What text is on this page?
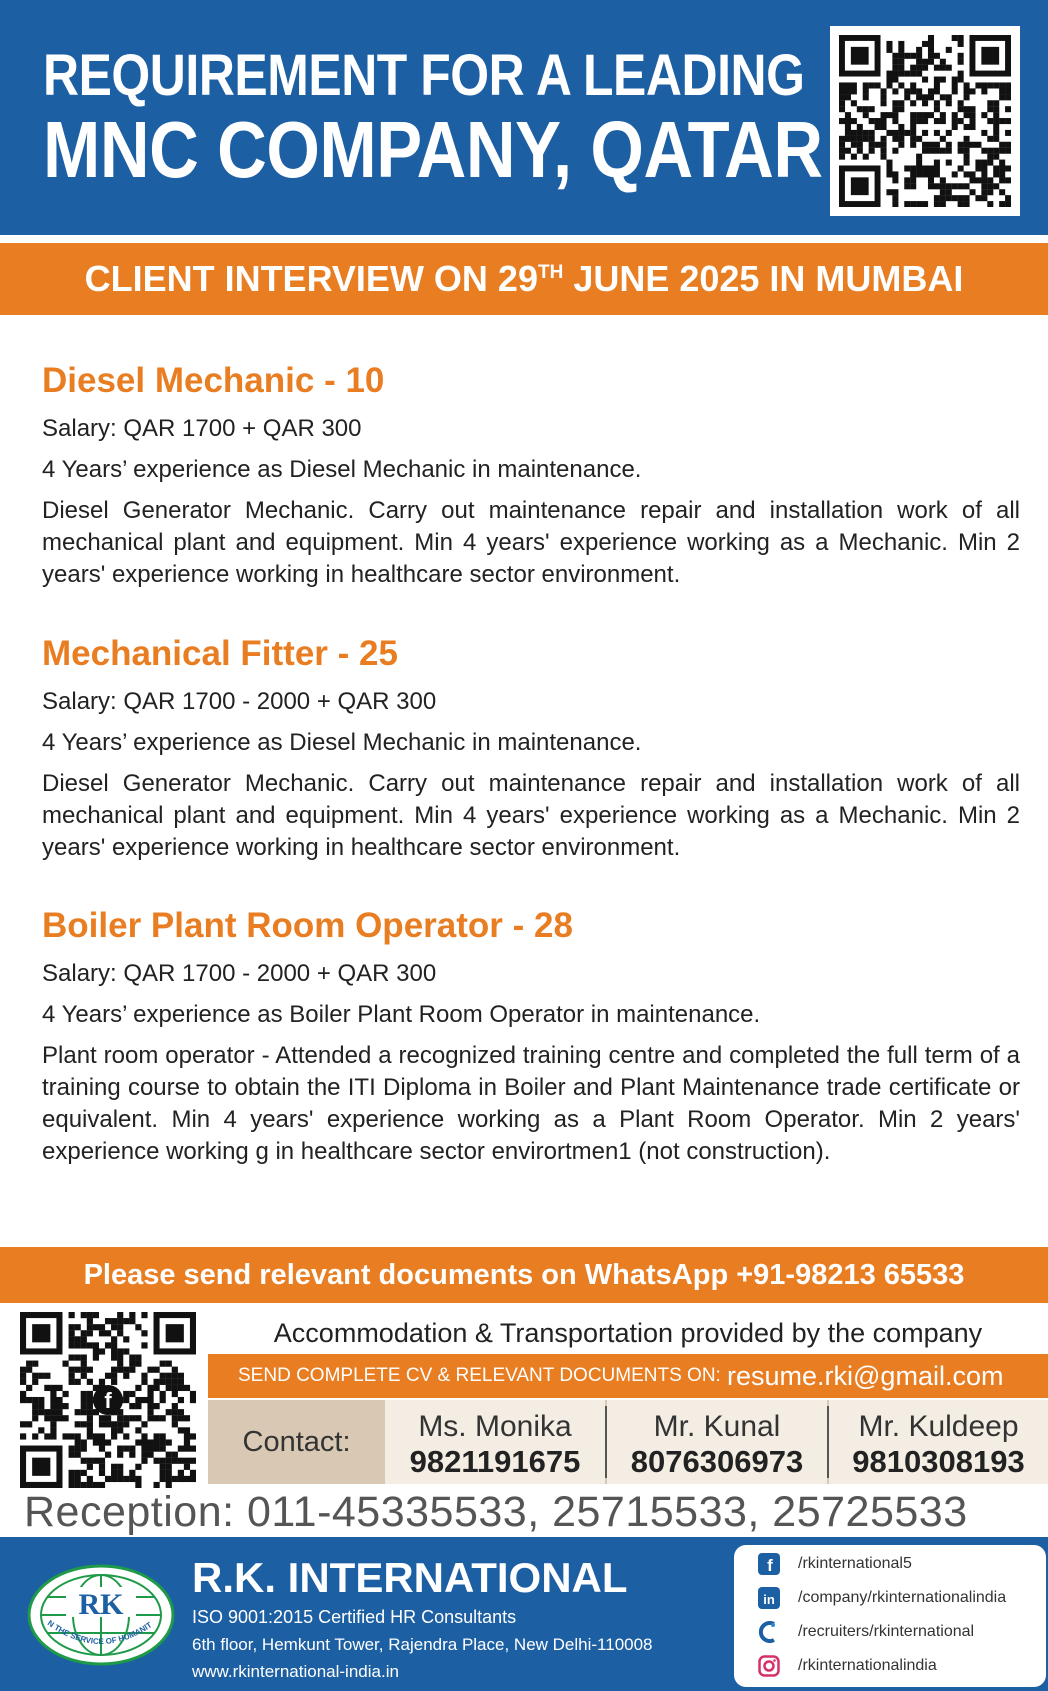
REQUIREMENT FOR A LEADING
MNC COMPANY, QATAR
CLIENT INTERVIEW ON 29TH JUNE 2025 IN MUMBAI
Diesel Mechanic - 10

Salary: QAR 1700 + QAR 300

4 Years’ experience as Diesel Mechanic in maintenance.

Diesel Generator Mechanic. Carry out maintenance repair and installation work of all mechanical plant and equipment. Min 4 years' experience working as a Mechanic. Min 2 years' experience working in healthcare sector environment.

Mechanical Fitter - 25

Salary: QAR 1700 - 2000 + QAR 300

4 Years’ experience as Diesel Mechanic in maintenance.

Diesel Generator Mechanic. Carry out maintenance repair and installation work of all mechanical plant and equipment. Min 4 years' experience working as a Mechanic. Min 2 years' experience working in healthcare sector environment.

Boiler Plant Room Operator - 28

Salary: QAR 1700 - 2000 + QAR 300

4 Years’ experience as Boiler Plant Room Operator in maintenance.

Plant room operator - Attended a recognized training centre and completed the full term of a training course to obtain the ITI Diploma in Boiler and Plant Maintenance trade certificate or equivalent. Min 4 years' experience working as a Plant Room Operator. Min 2 years' experience working g in healthcare sector envirortmen1 (not construction).

Please send relevant documents on WhatsApp +91-98213 65533
f
Accommodation & Transportation provided by the company
SEND COMPLETE CV & RELEVANT DOCUMENTS ON: resume.rki@gmail.com
Contact:	Ms. Monika
9821191675
Mr. Kunal
8076306973
Mr. Kuldeep
9810308193
Reception: 011-45335533, 25715533, 25725533
RK
N THE SERVICE OF HUMANIT
R.K. INTERNATIONAL
ISO 9001:2015 Certified HR Consultants
6th floor, Hemkunt Tower, Rajendra Place, New Delhi-110008
www.rkinternational-india.in
f /rkinternational5
in /company/rkinternationalindia
/recruiters/rkinternational
/rkinternationalindia
